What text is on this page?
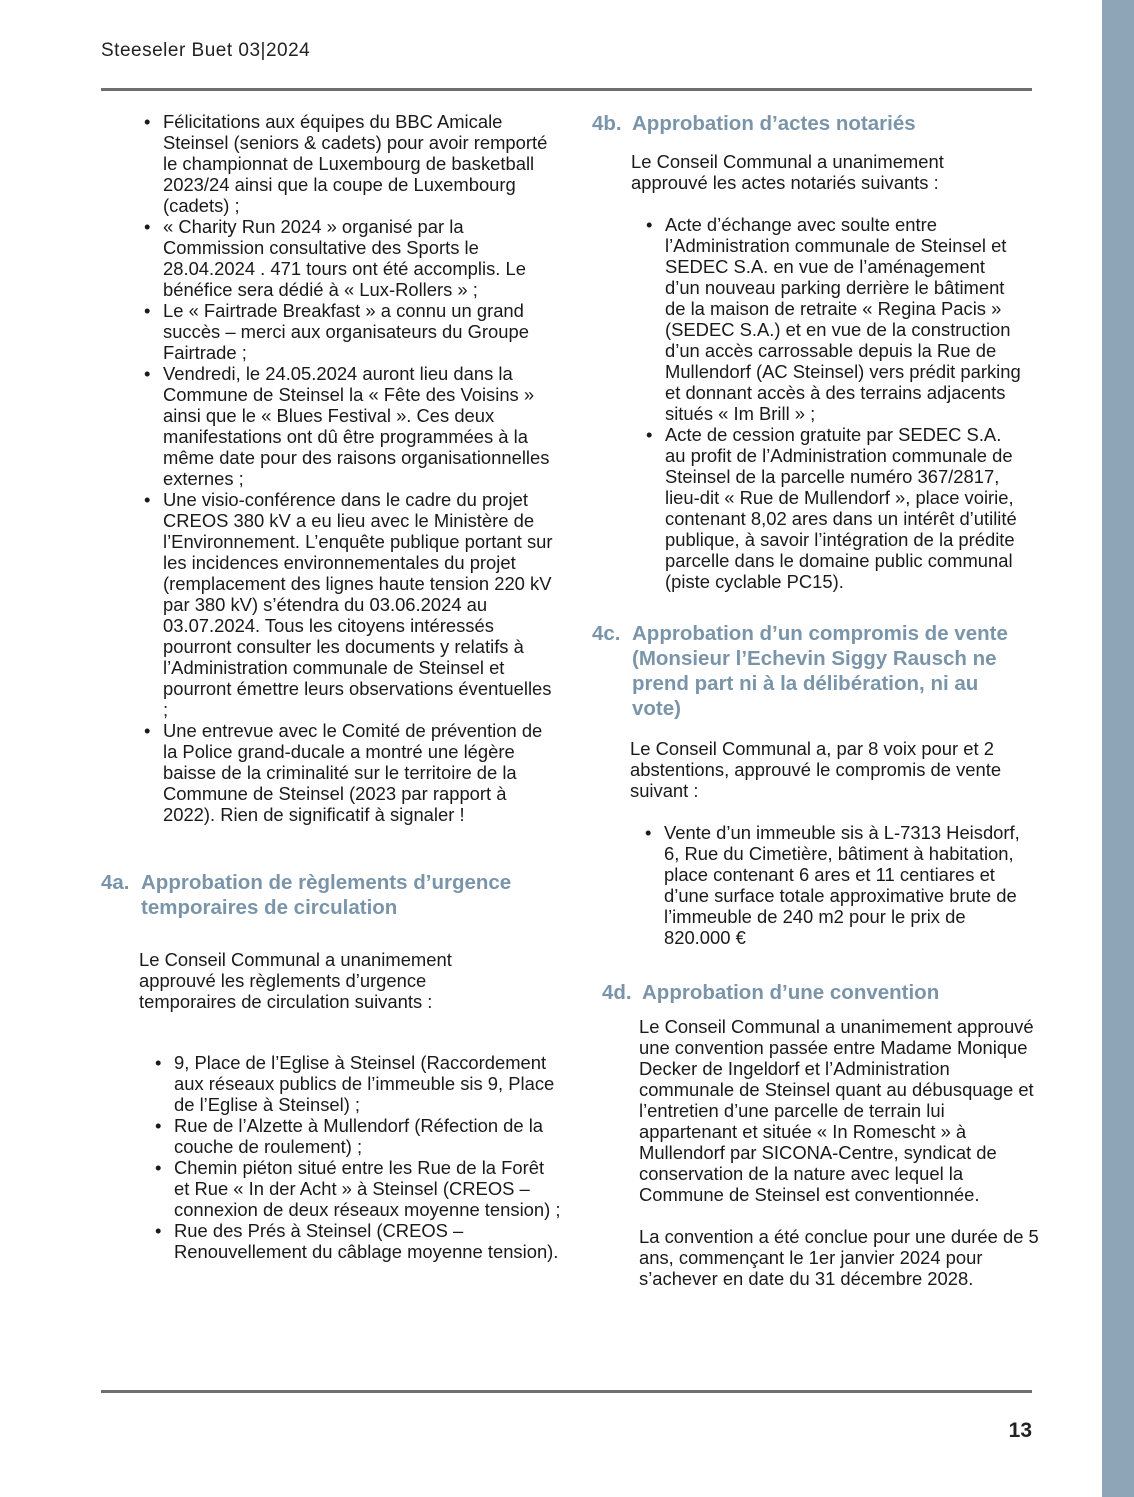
Steeseler Buet 03|2024
• Félicitations aux équipes du BBC Amicale Steinsel (seniors & cadets) pour avoir remporté le championnat de Luxembourg de basketball 2023/24 ainsi que la coupe de Luxembourg (cadets) ;
• « Charity Run 2024 » organisé par la Commission consultative des Sports le 28.04.2024 . 471 tours ont été accomplis. Le bénéfice sera dédié à « Lux-Rollers » ;
• Le « Fairtrade Breakfast » a connu un grand succès – merci aux organisateurs du Groupe Fairtrade ;
• Vendredi, le 24.05.2024 auront lieu dans la Commune de Steinsel la « Fête des Voisins » ainsi que le « Blues Festival ». Ces deux manifestations ont dû être programmées à la même date pour des raisons organisationnelles externes ;
• Une visio-conférence dans le cadre du projet CREOS 380 kV a eu lieu avec le Ministère de l’Environnement. L’enquête publique portant sur les incidences environnementales du projet (remplacement des lignes haute tension 220 kV par 380 kV) s’étendra du 03.06.2024 au 03.07.2024. Tous les citoyens intéressés pourront consulter les documents y relatifs à l’Administration communale de Steinsel et pourront émettre leurs observations éventuelles ;
• Une entrevue avec le Comité de prévention de la Police grand-ducale a montré une légère baisse de la criminalité sur le territoire de la Commune de Steinsel (2023 par rapport à 2022). Rien de significatif à signaler !
4a. Approbation de règlements d’urgence
temporaires de circulation
Le Conseil Communal a unanimement approuvé les règlements d’urgence temporaires de circulation suivants :
• 9, Place de l’Eglise à Steinsel (Raccordement aux réseaux publics de l’immeuble sis 9, Place de l’Eglise à Steinsel) ;
• Rue de l’Alzette à Mullendorf (Réfection de la couche de roulement) ;
• Chemin piéton situé entre les Rue de la Forêt et Rue « In der Acht » à Steinsel (CREOS – connexion de deux réseaux moyenne tension) ;
• Rue des Prés à Steinsel (CREOS – Renouvellement du câblage moyenne tension).
4b. Approbation d’actes notariés
Le Conseil Communal a unanimement approuvé les actes notariés suivants :
• Acte d’échange avec soulte entre l’Administration communale de Steinsel et SEDEC S.A. en vue de l’aménagement d’un nouveau parking derrière le bâtiment de la maison de retraite « Regina Pacis » (SEDEC S.A.) et en vue de la construction d’un accès carrossable depuis la Rue de Mullendorf (AC Steinsel) vers prédit parking et donnant accès à des terrains adjacents situés « Im Brill » ;
• Acte de cession gratuite par SEDEC S.A. au profit de l’Administration communale de Steinsel de la parcelle numéro 367/2817, lieu-dit « Rue de Mullendorf », place voirie, contenant 8,02 ares dans un intérêt d’utilité publique, à savoir l’intégration de la prédite parcelle dans le domaine public communal (piste cyclable PC15).
4c. Approbation d’un compromis de vente
(Monsieur l’Echevin Siggy Rausch ne
prend part ni à la délibération, ni au
vote)
Le Conseil Communal a, par 8 voix pour et 2 abstentions, approuvé le compromis de vente suivant :
• Vente d’un immeuble sis à L-7313 Heisdorf, 6, Rue du Cimetière, bâtiment à habitation, place contenant 6 ares et 11 centiares et d’une surface totale approximative brute de l’immeuble de 240 m2 pour le prix de 820.000 €
4d. Approbation d’une convention
Le Conseil Communal a unanimement approuvé une convention passée entre Madame Monique Decker de Ingeldorf et l’Administration communale de Steinsel quant au débusquage et l’entretien d’une parcelle de terrain lui appartenant et située « In Romescht » à Mullendorf par SICONA-Centre, syndicat de conservation de la nature avec lequel la Commune de Steinsel est conventionnée.
La convention a été conclue pour une durée de 5 ans, commençant le 1er janvier 2024 pour s’achever en date du 31 décembre 2028.
13
